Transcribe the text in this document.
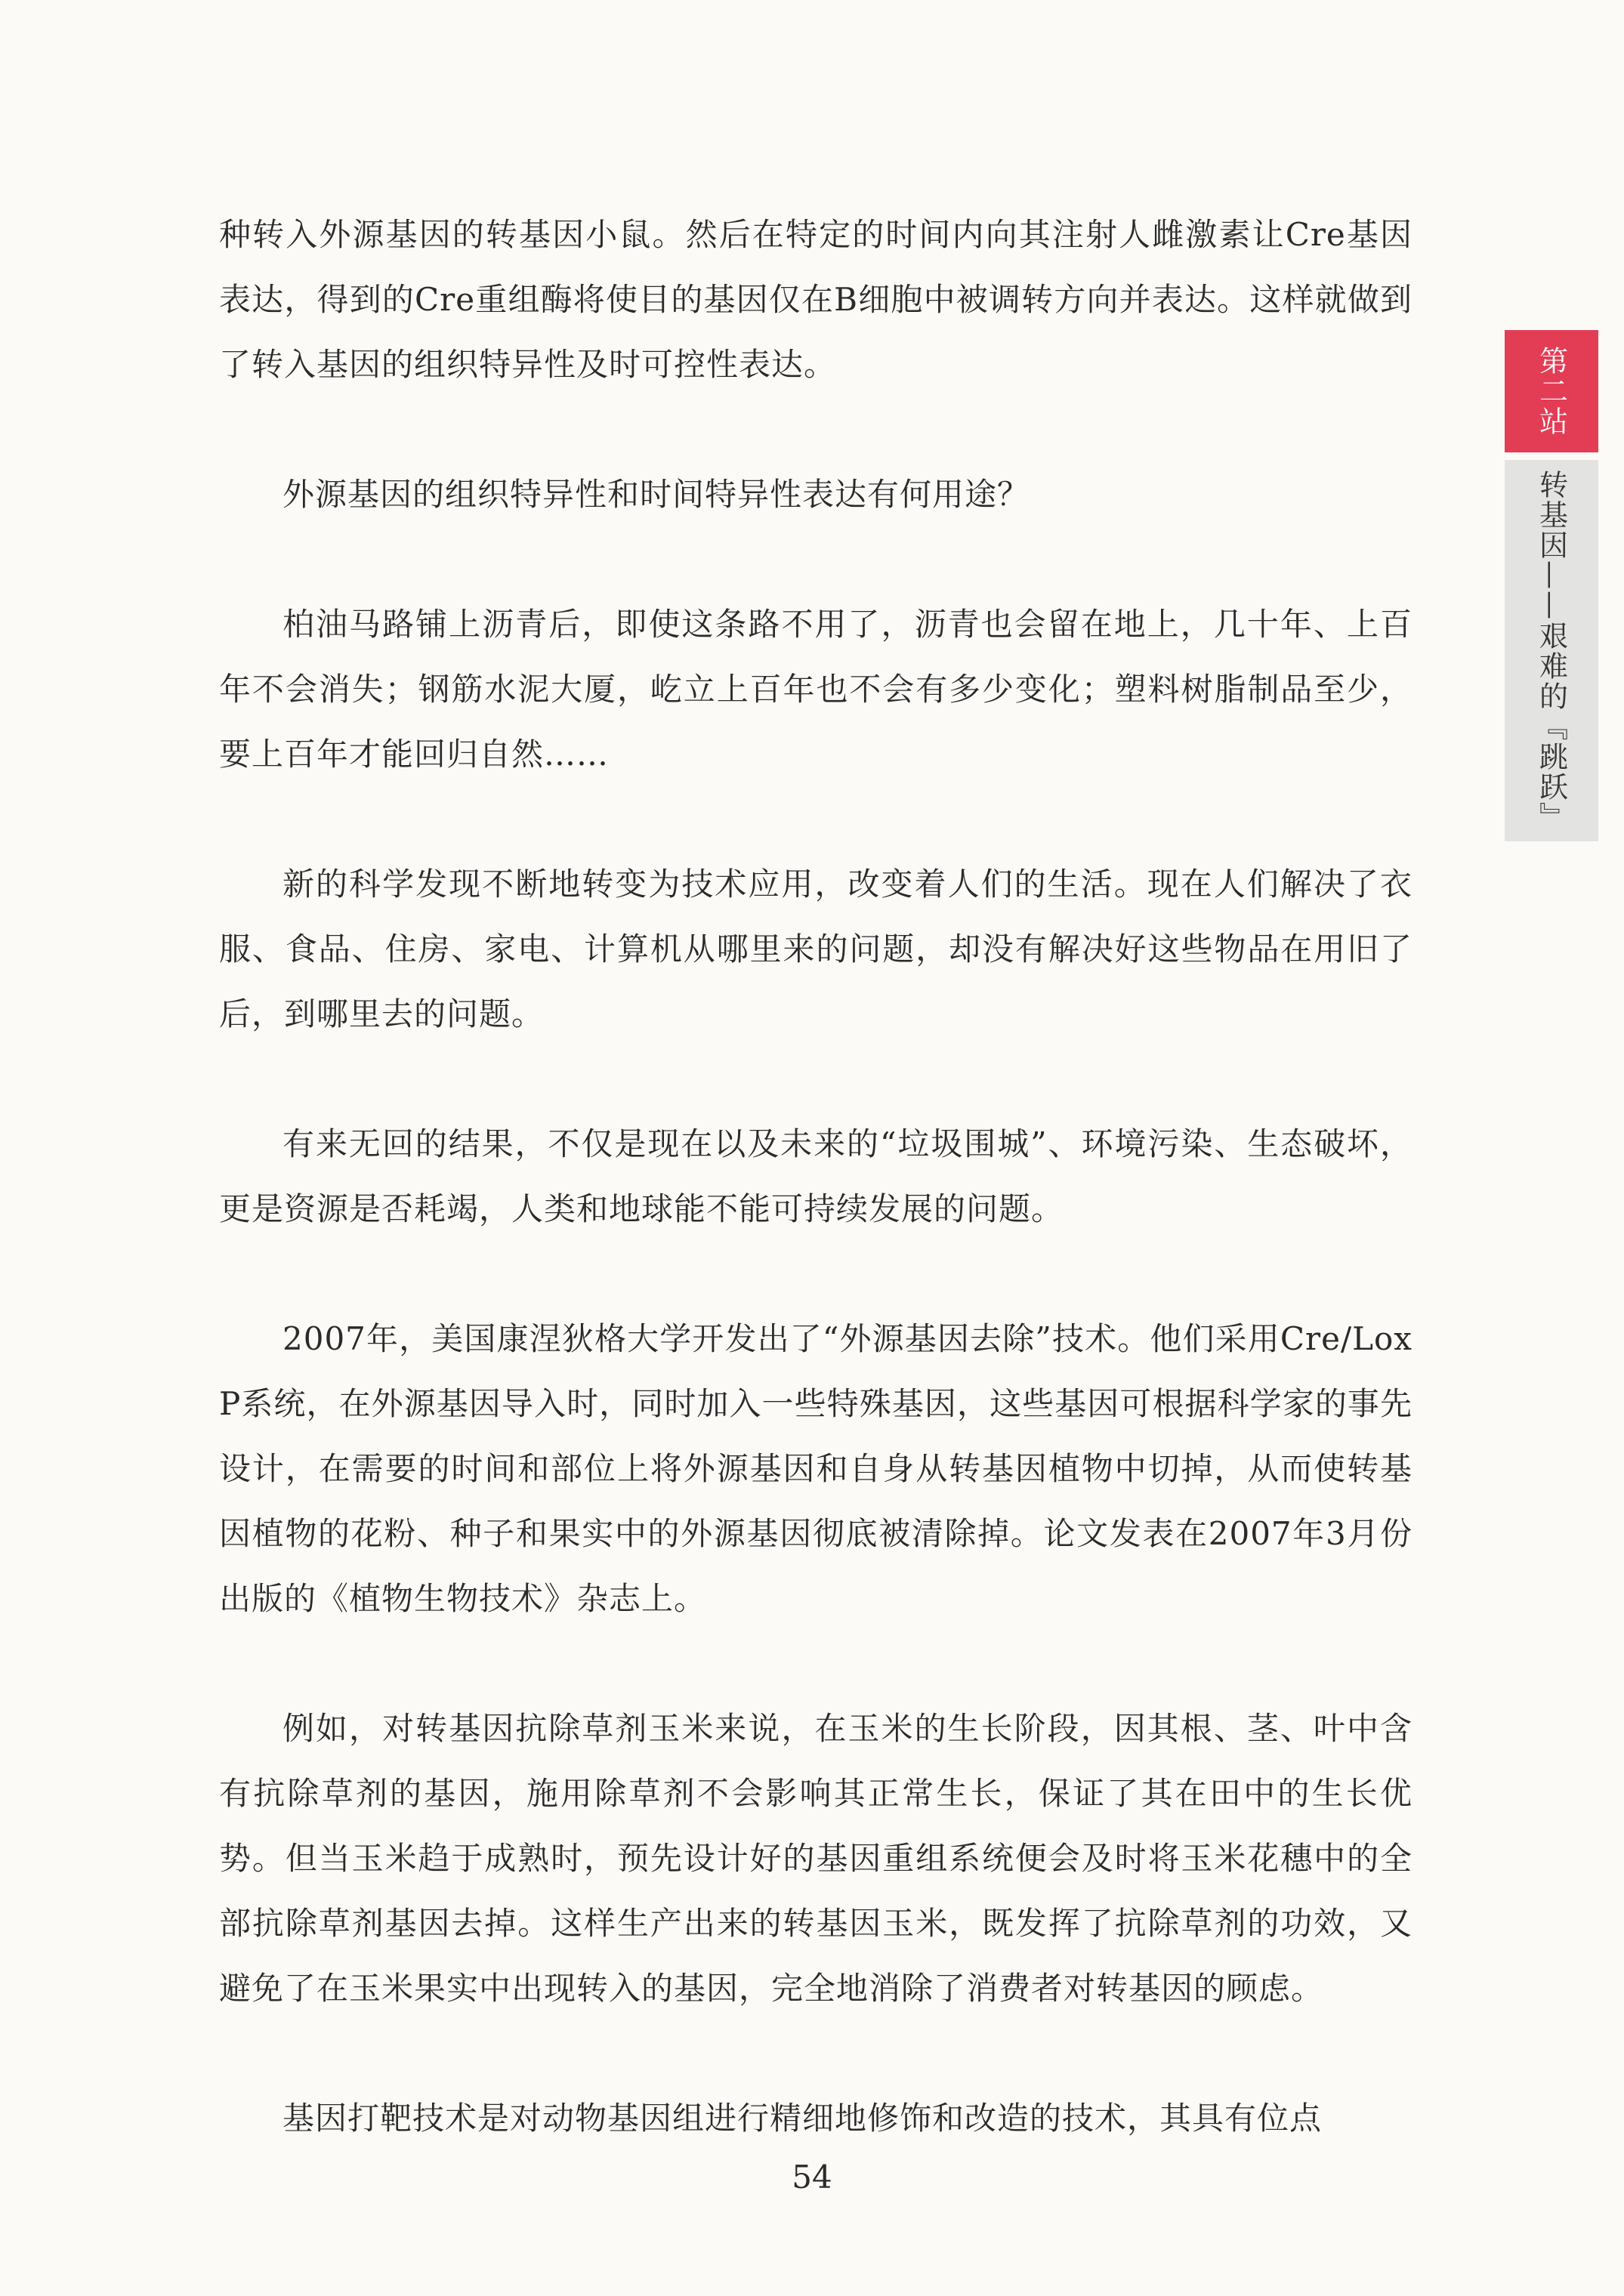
种转入外源基因的转基因小鼠。然后在特定的时间内向其注射人雌激素让Cre基因表达，得到的Cre重组酶将使目的基因仅在B细胞中被调转方向并表达。这样就做到了转入基因的组织特异性及时可控性表达。

外源基因的组织特异性和时间特异性表达有何用途？

柏油马路铺上沥青后，即使这条路不用了，沥青也会留在地上，几十年、上百年不会消失；钢筋水泥大厦，屹立上百年也不会有多少变化；塑料树脂制品至少，要上百年才能回归自然……

新的科学发现不断地转变为技术应用，改变着人们的生活。现在人们解决了衣服、食品、住房、家电、计算机从哪里来的问题，却没有解决好这些物品在用旧了后，到哪里去的问题。

有来无回的结果，不仅是现在以及未来的“垃圾围城”、环境污染、生态破坏，更是资源是否耗竭，人类和地球能不能可持续发展的问题。

2007年，美国康涅狄格大学开发出了“外源基因去除”技术。他们采用Cre/LoxP系统，在外源基因导入时，同时加入一些特殊基因，这些基因可根据科学家的事先设计，在需要的时间和部位上将外源基因和自身从转基因植物中切掉，从而使转基因植物的花粉、种子和果实中的外源基因彻底被清除掉。论文发表在2007年3月份出版的《植物生物技术》杂志上。

例如，对转基因抗除草剂玉米来说，在玉米的生长阶段，因其根、茎、叶中含有抗除草剂的基因，施用除草剂不会影响其正常生长，保证了其在田中的生长优势。但当玉米趋于成熟时，预先设计好的基因重组系统便会及时将玉米花穗中的全部抗除草剂基因去掉。这样生产出来的转基因玉米，既发挥了抗除草剂的功效，又避免了在玉米果实中出现转入的基因，完全地消除了消费者对转基因的顾虑。

基因打靶技术是对动物基因组进行精细地修饰和改造的技术，其具有位点

第二站
转基因——艰难的『跳跃』
54
